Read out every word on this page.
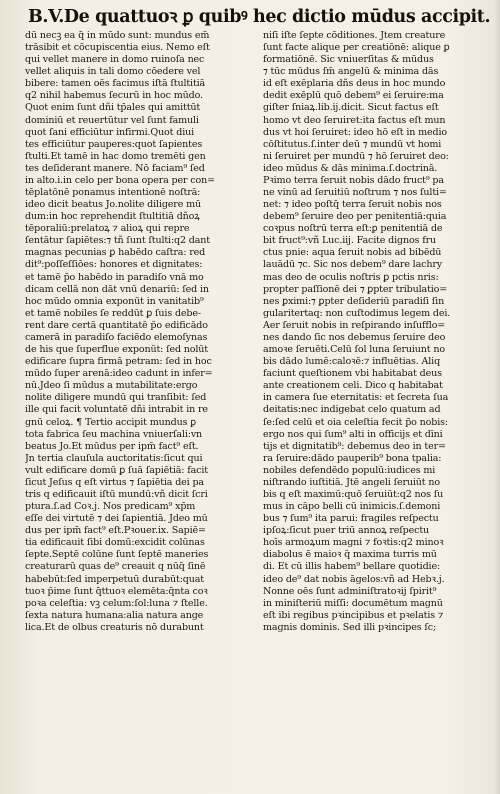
B.V.De quattuoꝛ ꝑ quibꝰ hec dictio mūdus accipit.
dū necꝫ ea q̄ in mūdo sunt: mundus em̄
trāsibit et cōcupiscentia eius. Nemo eſt
qui vellet manere in domo ruinoſa nec
vellet aliquis in tali domo cōedere vel
bibere: tamen oēs facimus iſtā ſtultitiā
q2 nihil habemus ſecurū in hoc mūdo.
Quot enim ſunt dñi tp̄ales qui amittūt
dominiū et reuertūtur vel ſunt famuli
quot ſani efficiūtur infirmi.Quot diui
tes efficiūtur pauperes:quot ſapientes
ſtulti.Et tamē in hac domo tremēti gen
tes deſiderant manere. Nō faciam⁹ ſed
in alto.i.in celo per bona opera per con=
tēplatōnē ponamus intentionē noſtrā:
ideo dicit beatus Jo.nolite diligere mū
dum:in hoc reprehendit ſtultitiā dñoꝝ
tēporaliū:prelatoꝝ ⁊ alioꝝ qui repre
ſentātur ſapiētes:⁊ tñ ſunt ſtulti:q2 dant
magnas pecunias ꝑ habēdo caſtra: red
dit⁹:poſſeſſiōes: honores et dignitates:
et tamē p̄o habēdo in paradiſo vnā mo
dicam cellā non dāt vnū denariū: ſed in
hoc mūdo omnia exponūt in vanitatib⁹
et tamē nobiles ſe reddūt ꝑ ſuis debe-
rent dare certā quantitatē p̄o edificādo
camerā in paradiſo faciēdo elemoſynas
de his que ſuperflue exponūt: ſed nolūt
edificare ſupra firmā petram: ſed in hoc
mūdo ſuper arenā:ideo cadunt in infer=
nū.Jdeo ſi mūdus a mutabilitate:ergo
nolite diligere mundū qui tranſibit: ſed
ille qui facit voluntatē dñi intrabit in re
gnū celoꝝ. ¶ Tertio accipit mundus ꝑ
tota fabrica ſeu machina vniuerſali:vn
beatus Jo.Et mūdus per ipm̄ fact⁹ eſt.
Jn tertia clauſula auctoritatis:ſicut qui
vult edificare domū ꝑ ſuā ſapiētiā: facit
ſicut Jeſus q eſt virtus ⁊ ſapiētia dei pa
tris q edificauit iſtū mundū:vñ dicit ſcri
ptura.ſ.ad Coꝛ.j. Nos predicam⁹ xp̄m
eſſe dei virtutē ⁊ dei ſapientiā. Jdeo mū
dus per ipm̄ fact⁹ eſt.Pꝛouer.ix. Sapiē=
tia edificauit ſibi domū:excidit colūnas
ſepte.Septē colūne ſunt ſeptē maneries
creaturarū quas de⁹ creauit q nūq̄ ſinē
habebūt:ſed imperpetuū durabūt:quat
tuoꝛ p̄ime ſunt q̄ttuoꝛ elemēta:q̄nta coꝛ
poꝛa celeſtia: vꝫ celum:ſol:luna ⁊ ſtelle.
ſexta natura humana:alia natura ange
lica.Et de olbus creaturis nō durabunt
niſi iſte ſepte cōditiones. Jtem creature
ſunt facte alique per creatiōnē: alique ꝑ
formatiōnē. Sic vniuerſitas & mūdus
⁊ tūc mūdus ſm̄ angelū & minima dās
id eſt exēplaria dñs deus in hoc mundo
dedit exēplū quō debem⁹ ei ſeruire:ma
giſter ſniaꝝ.lib.ij.dicit. Sicut factus eſt
homo vt deo ſeruiret:ita factus eſt mun
dus vt hoi ſeruiret: ideo hō eſt in medio
cōſtitutus.ſ.inter deū ⁊ mundū vt homi
ni ſeruiret per mundū ⁊ hō ſeruiret deo:
ideo mūdus & dās minima.ſ.doctrinā.
Pꝛimo terra ſeruit nobis dādo fruct⁹ pa
ne vinū ad ſeruitiū noſtrum ⁊ nos ſulti=
net: ⁊ ideo poſtq̄ terra ſeruit nobis nos
debem⁹ ſeruire deo per penitentiā:quia
coꝛpus noſtrū terra eſt:ꝑ penitentiā de
bit fruct⁹:vñ Luc.iij. Facite dignos fru
ctus pnie: aqua ſeruit nobis ad bibēdū
lauādū ⁊c. Sic nos debem⁹ dare lachry
mas deo de oculis noſtris ꝑ pctis nris:
propter paſſionē dei ⁊ ꝑpter tribulatio=
nes ꝑximi:⁊ ꝑpter deſideriū paradiſi ſin
gularitertaq: non cuſtodimus legem dei.
Aer ſeruit nobis in reſpirando inſufflo=
nes dando ſic nos debemus ſeruire deo
amoꝛe ſeruēti.Celū ſol luna ſeruiunt no
bis dādo lumē:caloꝛē:⁊ influētias. Aliq
faciunt queſtionem vbi habitabat deus
ante creationem celi. Dico q habitabat
in camera ſue eternitatis: et ſecreta ſua
deitatis:nec indigebat celo quatum ad
ſe:ſed celū et oia celeſtia fecit p̄o nobis:
ergo nos qui ſum⁹ alti in officijs et dīni
tijs et dignitatib⁹: debemus deo in ter=
ra ſeruire:dādo pauperib⁹ bona tpalia:
nobiles defendēdo populū:iudices mi
niſtrando iuſtitiā. Jtē angeli ſeruiūt no
bis q eſt maximū:quō ſeruiūt:q2 nos ſu
mus in cāpo belli cū inimicis.ſ.demoni
bus ⁊ ſum⁹ ita parui: fragiles reſpectu
ipſoꝝ:ſicut puer triū annoꝝ reſpectu
hoīs armoꝝum magni ⁊ foꝛtis:q2 minoꝛ
diabolus ē maioꝛ q̄ maxima turris mū
di. Et cū illis habem⁹ bellare quotidie:
ideo de⁹ dat nobis āgelos:vñ ad Hebꝛ.j.
Nonne oēs ſunt adminiſtratoꝛij ſpirit⁹
in miniſteriū miſſi: documētum magnū
eſt ibi regibus pꝛincipibus et pꝛelatis ⁊
magnis dominis. Sed illi pꝛincipes ſc;
